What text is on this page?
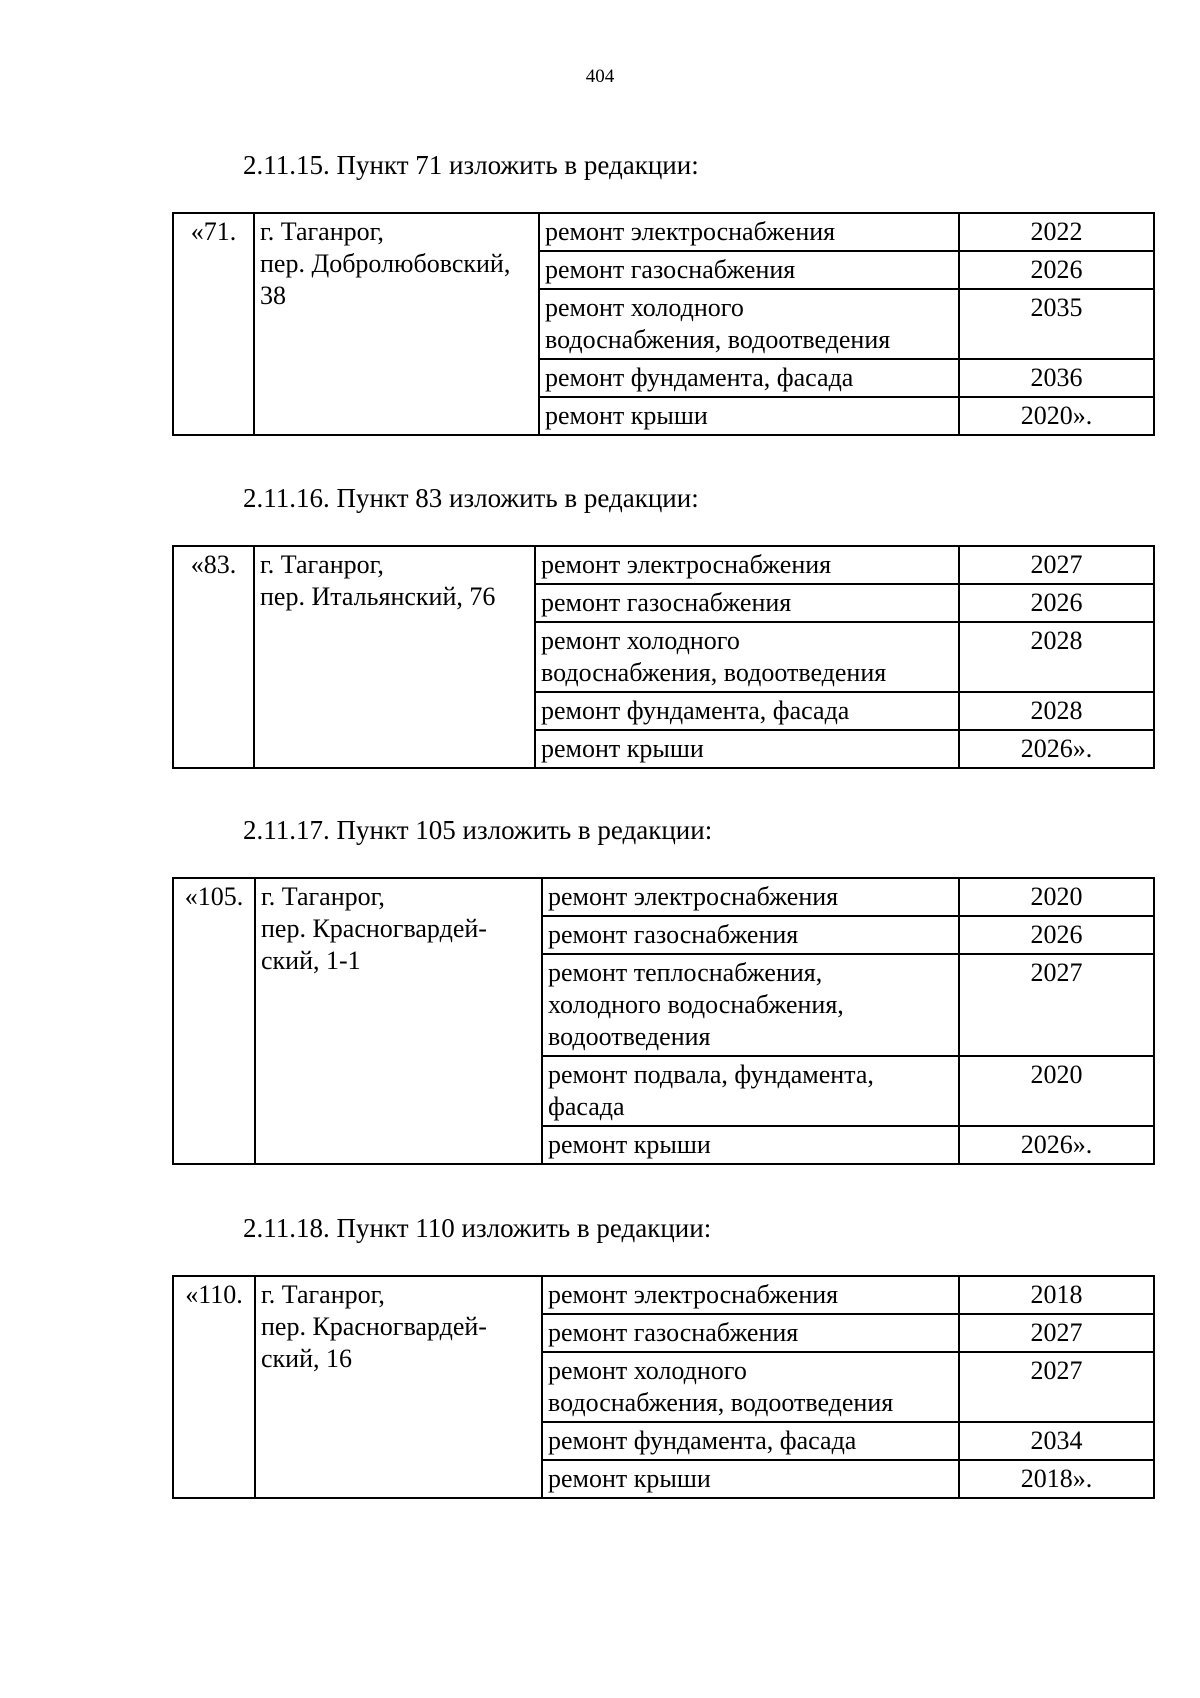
404
2.11.15. Пункт 71 изложить в редакции:
«71.	г. Таганрог,
пер. Добролюбовский,
38	ремонт электроснабжения	2022
		ремонт газоснабжения	2026
		ремонт холодного
водоснабжения, водоотведения	2035
		ремонт фундамента, фасада	2036
		ремонт крыши	2020».
2.11.16. Пункт 83 изложить в редакции:
«83.	г. Таганрог,
пер. Итальянский, 76	ремонт электроснабжения	2027
		ремонт газоснабжения	2026
		ремонт холодного
водоснабжения, водоотведения	2028
		ремонт фундамента, фасада	2028
		ремонт крыши	2026».
2.11.17. Пункт 105 изложить в редакции:
«105.	г. Таганрог,
пер. Красногвардей-
ский, 1-1	ремонт электроснабжения	2020
		ремонт газоснабжения	2026
		ремонт теплоснабжения,
холодного водоснабжения,
водоотведения	2027
		ремонт подвала, фундамента,
фасада	2020
		ремонт крыши	2026».
2.11.18. Пункт 110 изложить в редакции:
«110.	г. Таганрог,
пер. Красногвардей-
ский, 16	ремонт электроснабжения	2018
		ремонт газоснабжения	2027
		ремонт холодного
водоснабжения, водоотведения	2027
		ремонт фундамента, фасада	2034
		ремонт крыши	2018».
